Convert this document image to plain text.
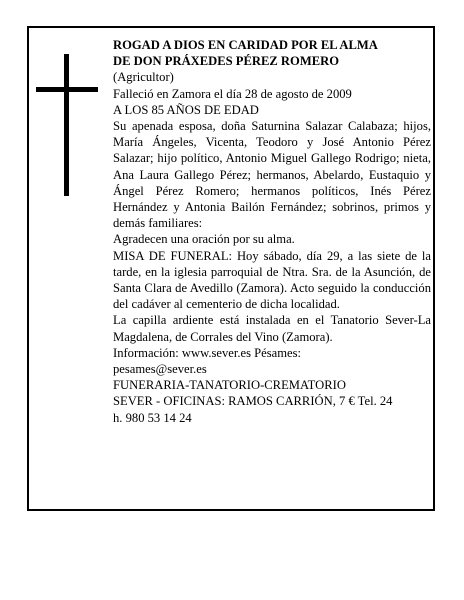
ROGAD A DIOS EN CARIDAD POR EL ALMA

DE DON PRÁXEDES PÉREZ ROMERO

(Agricultor)

Falleció en Zamora el día 28 de agosto de 2009

A LOS 85 AÑOS DE EDAD

Su apenada esposa, doña Saturnina Salazar Calabaza; hijos, María Ángeles, Vicenta, Teodoro y José Antonio Pérez Salazar; hijo político, Antonio Miguel Gallego Rodrigo; nieta, Ana Laura Gallego Pérez; hermanos, Abelardo, Eustaquio y Ángel Pérez Romero; hermanos políticos, Inés Pérez Hernández y Antonia Bailón Fernández; sobrinos, primos y demás familiares:

Agradecen una oración por su alma.

MISA DE FUNERAL: Hoy sábado, día 29, a las siete de la tarde, en la iglesia parroquial de Ntra. Sra. de la Asunción, de Santa Clara de Avedillo (Zamora). Acto seguido la conducción del cadáver al cementerio de dicha localidad.

La capilla ardiente está instalada en el Tanatorio Sever-La Magdalena, de Corrales del Vino (Zamora).

Información: www.sever.es Pésames:

pesames@sever.es

FUNERARIA-TANATORIO-CREMATORIO

SEVER - OFICINAS: RAMOS CARRIÓN, 7 € Tel. 24

h. 980 53 14 24
